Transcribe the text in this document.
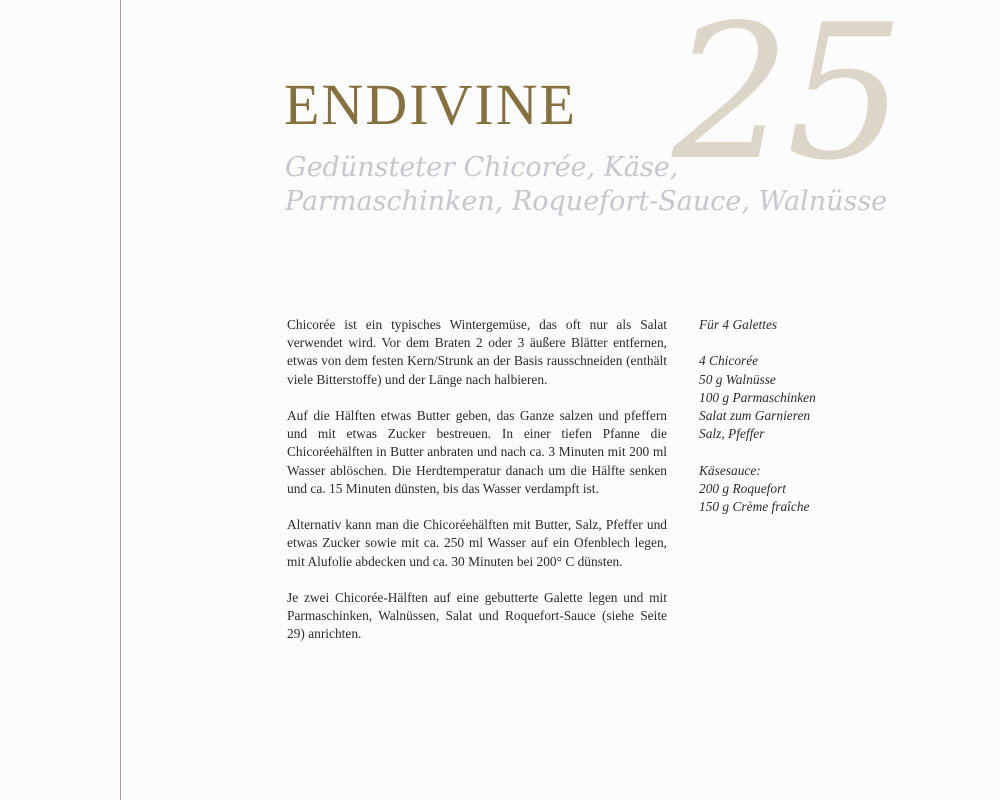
25
ENDIVINE
Gedünsteter Chicorée, Käse,
Parmaschinken, Roquefort-Sauce, Walnüsse

Chicorée ist ein typisches Wintergemüse, das oft nur als Salat verwendet wird. Vor dem Braten 2 oder 3 äußere Blätter entfernen, etwas von dem festen Kern/Strunk an der Basis rausschneiden (enthält viele Bitterstoffe) und der Länge nach halbieren.

Auf die Hälften etwas Butter geben, das Ganze salzen und pfeffern und mit etwas Zucker bestreuen. In einer tiefen Pfanne die Chicoréehälften in Butter anbraten und nach ca. 3 Minuten mit 200 ml Wasser ablöschen. Die Herdtemperatur danach um die Hälfte senken und ca. 15 Minuten dünsten, bis das Wasser verdampft ist.

Alternativ kann man die Chicoréehälften mit Butter, Salz, Pfeffer und etwas Zucker sowie mit ca. 250 ml Wasser auf ein Ofenblech legen, mit Alufolie abdecken und ca. 30 Minuten bei 200° C dünsten.

Je zwei Chicorée-Hälften auf eine gebutterte Galette legen und mit Parmaschinken, Walnüssen, Salat und Roquefort-Sauce (siehe Seite 29) anrichten.

Für 4 Galettes
4 Chicorée
50 g Walnüsse
100 g Parmaschinken
Salat zum Garnieren
Salz, Pfeffer
Käsesauce:
200 g Roquefort
150 g Crème fraîche
